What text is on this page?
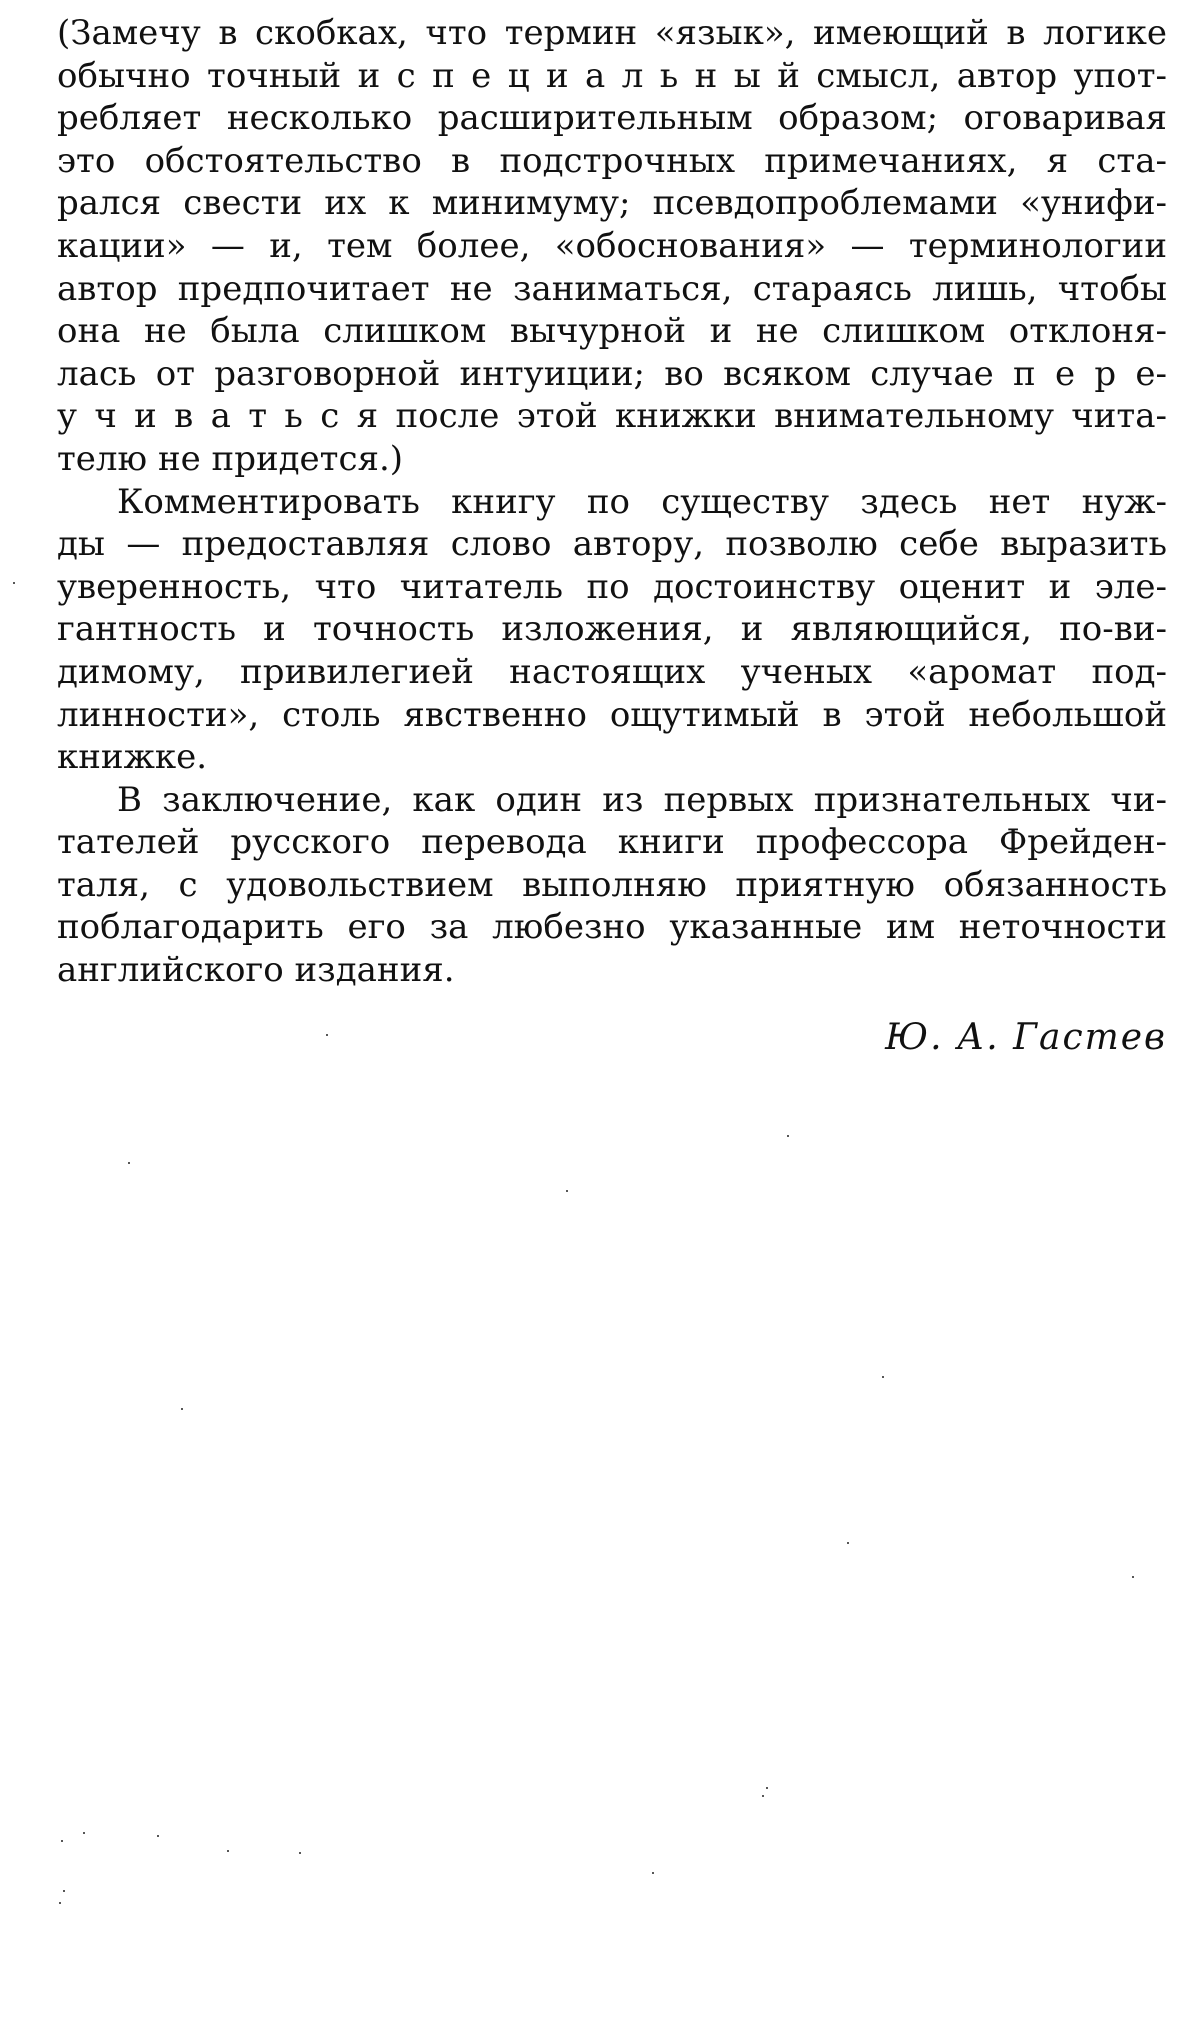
(Замечу в скобках, что термин «язык», имеющий в логике
обычно точный и с п е ц и а л ь н ы й смысл, автор упот-
ребляет несколько расширительным образом; оговаривая
это обстоятельство в подстрочных примечаниях, я ста-
рался свести их к минимуму; псевдопроблемами «унифи-
кации» — и, тем более, «обоснования» — терминологии
автор предпочитает не заниматься, стараясь лишь, чтобы
она не была слишком вычурной и не слишком отклоня-
лась от разговорной интуиции; во всяком случае п е р е-
у ч и в а т ь с я после этой книжки внимательному чита-
телю не придется.)
Комментировать книгу по существу здесь нет нуж-
ды — предоставляя слово автору, позволю себе выразить
уверенность, что читатель по достоинству оценит и эле-
гантность и точность изложения, и являющийся, по-ви-
димому, привилегией настоящих ученых «аромат под-
линности», столь явственно ощутимый в этой небольшой
книжке.
В заключение, как один из первых признательных чи-
тателей русского перевода книги профессора Фрейден-
таля, с удовольствием выполняю приятную обязанность
поблагодарить его за любезно указанные им неточности
английского издания.
Ю. А. Гастев
